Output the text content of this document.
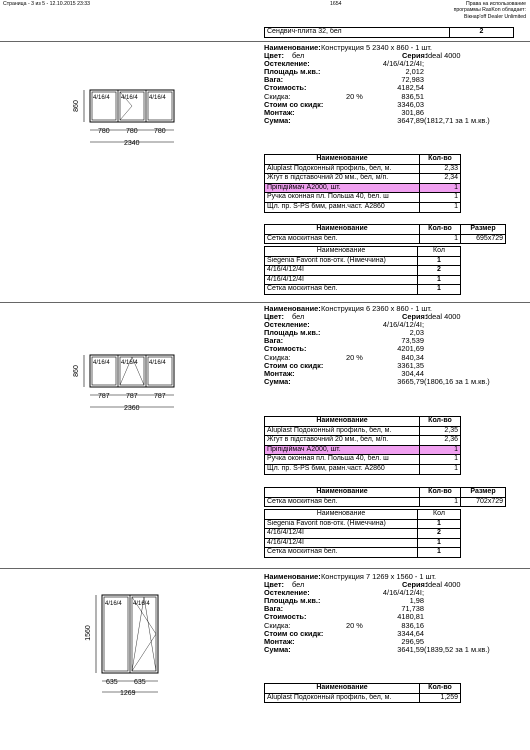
Страница - 3 из 5 - 12.10.2015 23:33	1654	Права на использование
программы RasKon обладает:
Вікнар'off Dealer Unlimited
Сендвич-плита 32, бел	2
Наименование: Конструкция 5 2340 x 860 - 1 шт.
Цвет: бел	Серия:
Ideal 4000
Остекление:	4/16/4/12/4I;
Площадь м.кв.:	2,012
Вага:	72,983
Стоимость:	4182,54
Скидка:	20 %	836,51
Стоим со скидк:	3346,03
Монтаж:	301,86
Сумма:	3647,89 (1812,71 за 1 м.кв.)
Наименование	Кол-во
Aluplast Подоконный профиль, бел, м.	2,33
Жгут в підставочний 20 мм., бел, м/п.	2,34
Пріпідіймач A2000, шт.	1
Ручка оконная пл. Польша 40, бел. ш	1
Щл. пр. S-PS 6мм, рамн.част. A2860	1
Наименование	Кол-во	Размер
Сетка москитная бел.	1	695x729
Наименование	Кол
Siegenia Favorit пов-отк. (Німеччина)	1
4/16/4/12/4I	2
4/16/4/12/4I	1
Сетка москитная бел.	1
860
4/16/4 4/16/4 4/16/4
780 780 780
2340
Наименование: Конструкция 6 2360 x 860 - 1 шт.
Цвет: бел	Серия:
Ideal 4000
Остекление:	4/16/4/12/4I;
Площадь м.кв.:	2,03
Вага:	73,539
Стоимость:	4201,69
Скидка:	20 %	840,34
Стоим со скидк:	3361,35
Монтаж:	304,44
Сумма:	3665,79 (1806,16 за 1 м.кв.)
Наименование	Кол-во
Aluplast Подоконный профиль, бел, м.	2,35
Жгут в підставочний 20 мм., бел, м/п.	2,36
Пріпідіймач A2000, шт.	1
Ручка оконная пл. Польша 40, бел. ш	1
Щл. пр. S-PS 6мм, рамн.част. A2860	1
Наименование	Кол-во	Размер
Сетка москитная бел.	1	702x729
Наименование	Кол
Siegenia Favorit пов-отк. (Німеччина)	1
4/16/4/12/4I	2
4/16/4/12/4I	1
Сетка москитная бел.	1
860
4/16/4 4/16/4 4/16/4
787 787 787
2360
Наименование: Конструкция 7 1269 x 1560 - 1 шт.
Цвет: бел	Серия:
Ideal 4000
Остекление:	4/16/4/12/4I;
Площадь м.кв.:	1,98
Вага:	71,738
Стоимость:	4180,81
Скидка:	20 %	836,16
Стоим со скидк:	3344,64
Монтаж:	296,95
Сумма:	3641,59 (1839,52 за 1 м.кв.)
Наименование	Кол-во
Aluplast Подоконный профиль, бел, м.	1,259
1560
4/16/4 4/16/4
635 635
1269
